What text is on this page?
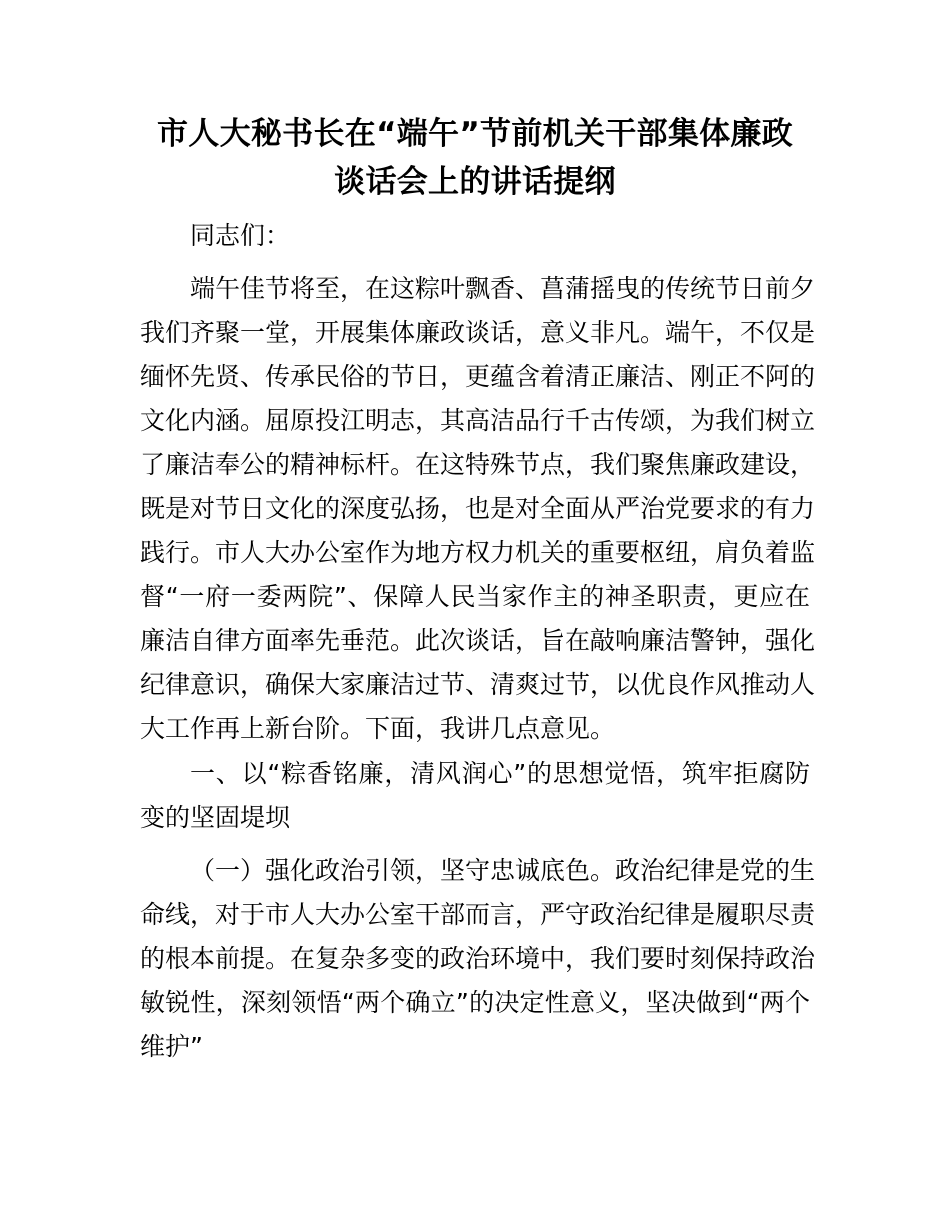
市人大秘书长在“端午”节前机关干部集体廉政
谈话会上的讲话提纲
同志们：
端午佳节将至，在这粽叶飘香、菖蒲摇曳的传统节日前夕
我们齐聚一堂，开展集体廉政谈话，意义非凡。端午，不仅是
缅怀先贤、传承民俗的节日，更蕴含着清正廉洁、刚正不阿的
文化内涵。屈原投江明志，其高洁品行千古传颂，为我们树立
了廉洁奉公的精神标杆。在这特殊节点，我们聚焦廉政建设，
既是对节日文化的深度弘扬，也是对全面从严治党要求的有力
践行。市人大办公室作为地方权力机关的重要枢纽，肩负着监
督“一府一委两院”、保障人民当家作主的神圣职责，更应在
廉洁自律方面率先垂范。此次谈话，旨在敲响廉洁警钟，强化
纪律意识，确保大家廉洁过节、清爽过节，以优良作风推动人
大工作再上新台阶。下面，我讲几点意见。
一、以“粽香铭廉，清风润心”的思想觉悟，筑牢拒腐防
变的坚固堤坝
（一）强化政治引领，坚守忠诚底色。政治纪律是党的生
命线，对于市人大办公室干部而言，严守政治纪律是履职尽责
的根本前提。在复杂多变的政治环境中，我们要时刻保持政治
敏锐性，深刻领悟“两个确立”的决定性意义，坚决做到“两个
维护”
